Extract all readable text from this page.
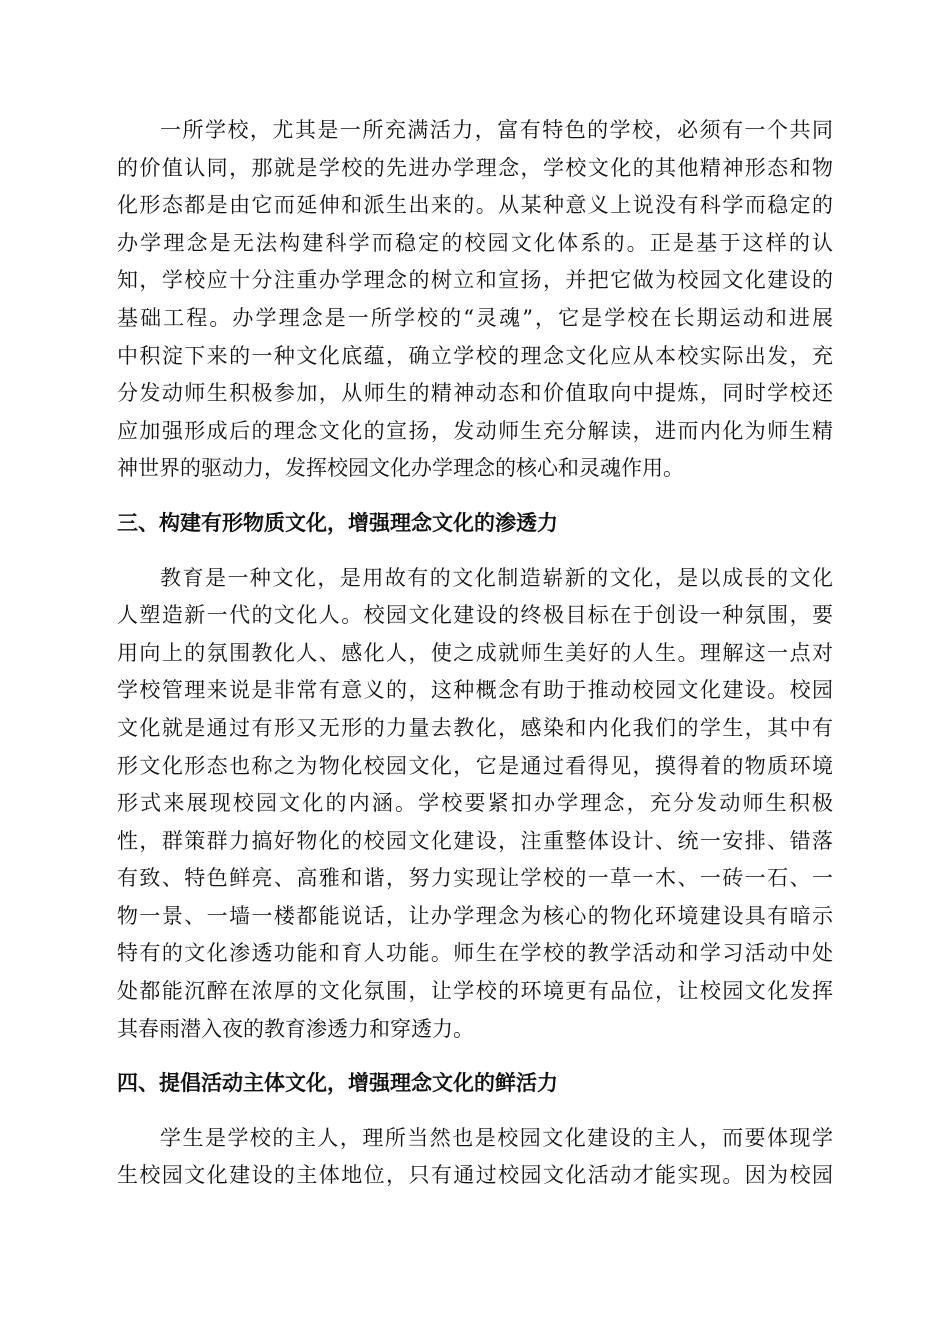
一所学校，尤其是一所充满活力，富有特色的学校，必须有一个共同
的价值认同，那就是学校的先进办学理念，学校文化的其他精神形态和物
化形态都是由它而延伸和派生出来的。从某种意义上说没有科学而稳定的
办学理念是无法构建科学而稳定的校园文化体系的。正是基于这样的认
知，学校应十分注重办学理念的树立和宣扬，并把它做为校园文化建设的
基础工程。办学理念是一所学校的“灵魂”，它是学校在长期运动和进展
中积淀下来的一种文化底蕴，确立学校的理念文化应从本校实际出发，充
分发动师生积极参加，从师生的精神动态和价值取向中提炼，同时学校还
应加强形成后的理念文化的宣扬，发动师生充分解读，进而内化为师生精
神世界的驱动力，发挥校园文化办学理念的核心和灵魂作用。
三、构建有形物质文化，增强理念文化的渗透力
教育是一种文化，是用故有的文化制造崭新的文化，是以成長的文化
人塑造新一代的文化人。校园文化建设的终极目标在于创设一种氛围，要
用向上的氛围教化人、感化人，使之成就师生美好的人生。理解这一点对
学校管理来说是非常有意义的，这种概念有助于推动校园文化建设。校园
文化就是通过有形又无形的力量去教化，感染和内化我们的学生，其中有
形文化形态也称之为物化校园文化，它是通过看得见，摸得着的物质环境
形式来展现校园文化的内涵。学校要紧扣办学理念，充分发动师生积极
性，群策群力搞好物化的校园文化建设，注重整体设计、统一安排、错落
有致、特色鲜亮、高雅和谐，努力实现让学校的一草一木、一砖一石、一
物一景、一墙一楼都能说话，让办学理念为核心的物化环境建设具有暗示
特有的文化渗透功能和育人功能。师生在学校的教学活动和学习活动中处
处都能沉醉在浓厚的文化氛围，让学校的环境更有品位，让校园文化发挥
其春雨潜入夜的教育渗透力和穿透力。
四、提倡活动主体文化，增强理念文化的鲜活力
学生是学校的主人，理所当然也是校园文化建设的主人，而要体现学
生校园文化建设的主体地位，只有通过校园文化活动才能实现。因为校园
